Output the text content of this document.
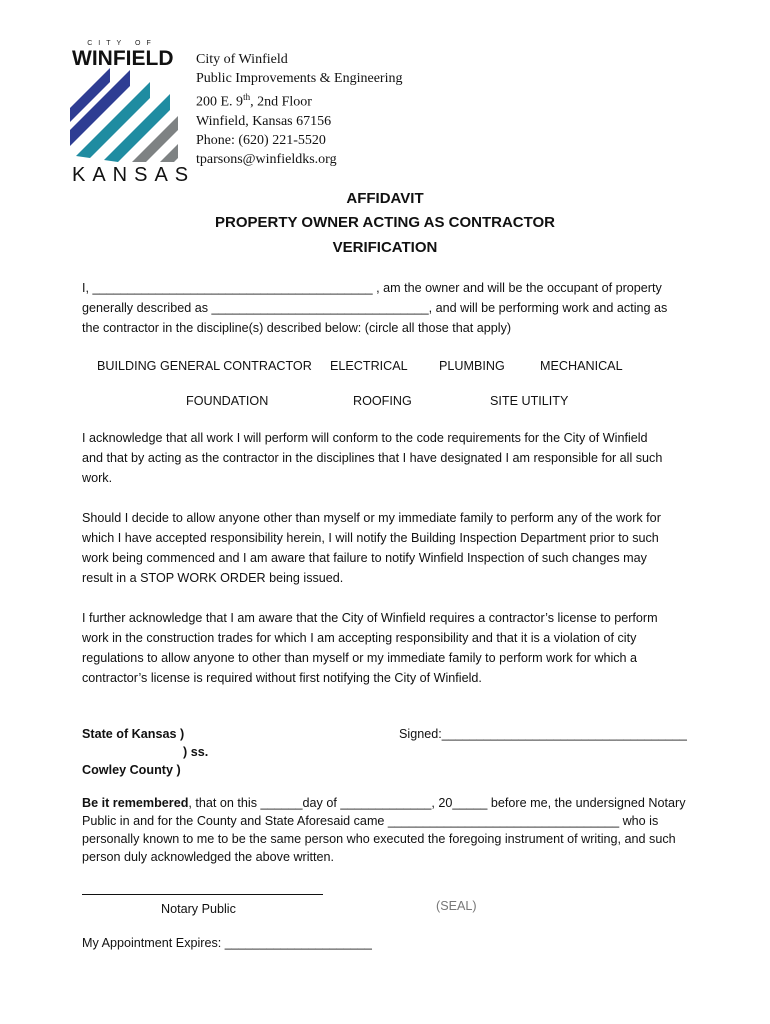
CITY OF
WINFIELD
KANSAS
City of Winfield
Public Improvements & Engineering
200 E. 9th, 2nd Floor
Winfield, Kansas 67156
Phone: (620) 221-5520
tparsons@winfieldks.org
AFFIDAVIT
PROPERTY OWNER ACTING AS CONTRACTOR
VERIFICATION
I, ________________________________________ , am the owner and will be the occupant of property
generally described as _______________________________, and will be performing work and acting as
the contractor in the discipline(s) described below: (circle all those that apply)
BUILDING GENERAL CONTRACTOR ELECTRICAL PLUMBING	MECHANICAL
FOUNDATION	ROOFING	SITE UTILITY
I acknowledge that all work I will perform will conform to the code requirements for the City of Winfield
and that by acting as the contractor in the disciplines that I have designated I am responsible for all such
work.
Should I decide to allow anyone other than myself or my immediate family to perform any of the work for
which I have accepted responsibility herein, I will notify the Building Inspection Department prior to such
work being commenced and I am aware that failure to notify Winfield Inspection of such changes may
result in a STOP WORK ORDER being issued.
I further acknowledge that I am aware that the City of Winfield requires a contractor’s license to perform
work in the construction trades for which I am accepting responsibility and that it is a violation of city
regulations to allow anyone to other than myself or my immediate family to perform work for which a
contractor’s license is required without first notifying the City of Winfield.
State of Kansas )
) ss.
Cowley County )
Signed:___________________________________
Be it remembered, that on this ______day of _____________, 20_____ before me, the undersigned Notary
Public in and for the County and State Aforesaid came _________________________________ who is
personally known to me to be the same person who executed the foregoing instrument of writing, and such
person duly acknowledged the above written.
Notary Public	(SEAL)
My Appointment Expires: _____________________
